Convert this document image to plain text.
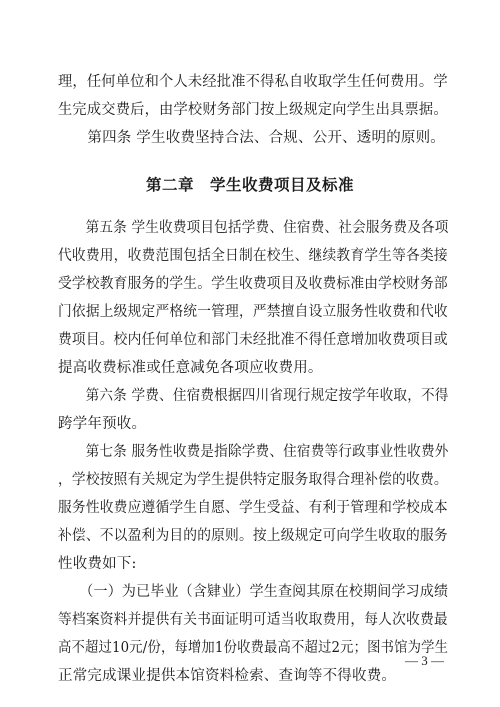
理，任何单位和个人未经批准不得私自收取学生任何费用。学
生完成交费后，由学校财务部门按上级规定向学生出具票据。
　　第四条 学生收费坚持合法、合规、公开、透明的原则。
第二章　学生收费项目及标准
　　第五条 学生收费项目包括学费、住宿费、社会服务费及各项
代收费用，收费范围包括全日制在校生、继续教育学生等各类接
受学校教育服务的学生。学生收费项目及收费标准由学校财务部
门依据上级规定严格统一管理，严禁擅自设立服务性收费和代收
费项目。校内任何单位和部门未经批准不得任意增加收费项目或
提高收费标准或任意减免各项应收费用。
　　第六条 学费、住宿费根据四川省现行规定按学年收取，不得
跨学年预收。
　　第七条 服务性收费是指除学费、住宿费等行政事业性收费外
，学校按照有关规定为学生提供特定服务取得合理补偿的收费。
服务性收费应遵循学生自愿、学生受益、有利于管理和学校成本
补偿、不以盈利为目的的原则。按上级规定可向学生收取的服务
性收费如下:
　　（一）为已毕业（含肄业）学生查阅其原在校期间学习成绩
等档案资料并提供有关书面证明可适当收取费用，每人次收费最
高不超过10元/份，每增加1份收费最高不超过2元；图书馆为学生
正常完成课业提供本馆资料检索、查询等不得收费。
— 3 —
